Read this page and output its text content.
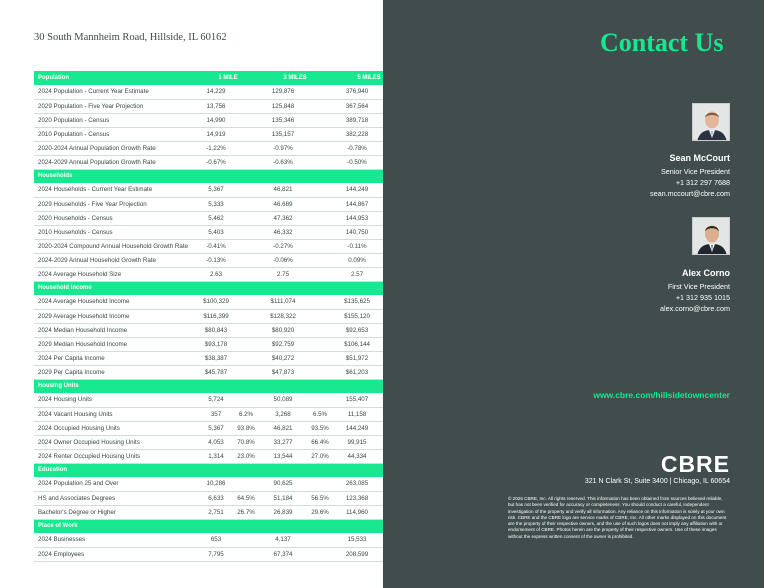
30 South Mannheim Road, Hillside, IL 60162
Population	1 MILE		3 MILES		5 MILES	
2024 Population - Current Year Estimate	14,229		129,876		376,940			
2029 Population - Five Year Projection	13,756		125,848		367,564			
2020 Population - Census	14,990		135,346		389,718			
2010 Population - Census	14,919		135,157		382,228			
2020-2024 Annual Population Growth Rate	-1.22%		-0.97%		-0.78%			
2024-2029 Annual Population Growth Rate	-0.67%		-0.63%		-0.50%			
Households								
2024 Households - Current Year Estimate	5,367		46,821		144,249			
2029 Households - Five Year Projection	5,333		46,689		144,867			
2020 Households - Census	5,462		47,362		144,953			
2010 Households - Census	5,403		46,332		140,750			
2020-2024 Compound Annual Household Growth Rate	-0.41%		-0.27%		-0.11%			
2024-2029 Annual Household Growth Rate	-0.13%		-0.06%		0.09%			
2024 Average Household Size	2.63		2.75		2.57			
Household Income								
2024 Average Household Income	$100,329		$111,074		$135,625			
2029 Average Household Income	$116,399		$128,322		$155,120			
2024 Median Household Income	$80,843		$80,920		$92,653			
2029 Median Household Income	$93,178		$92,759		$106,144			
2024 Per Capita Income	$38,387		$40,272		$51,972			
2029 Per Capita Income	$45,787		$47,873		$61,203			
Housing Units								
2024 Housing Units	5,724		50,089		155,407			
2024 Vacant Housing Units	357	6.2%	3,268	6.5%	11,158			
2024 Occupied Housing Units	5,367	93.8%	46,821	93.5%	144,249			
2024 Owner Occupied Housing Units	4,053	70.8%	33,277	66.4%	99,915			
2024 Renter Occupied Housing Units	1,314	23.0%	13,544	27.0%	44,334			
Education								
2024 Population 25 and Over	10,286		90,625		263,085			
HS and Associates Degrees	6,633	64.5%	51,184	56.5%	123,368			
Bachelor's Degree or Higher	2,751	26.7%	26,839	29.6%	114,960			
Place of Work								
2024 Businesses	653		4,137		15,533			
2024 Employees	7,795		67,374		208,599			
Contact Us
Sean McCourt
Senior Vice President
+1 312 297 7688
sean.mccourt@cbre.com
Alex Corno
First Vice President
+1 312 935 1015
alex.corno@cbre.com
www.cbre.com/hillsidetowncenter
CBRE
321 N Clark St, Suite 3400 | Chicago, IL 60654
© 2025 CBRE, Inc. All rights reserved. This information has been obtained from sources believed reliable, but has not been verified for accuracy or completeness. You should conduct a careful, independent investigation of the property and verify all information. Any reliance on this information is solely at your own risk. CBRE and the CBRE logo are service marks of CBRE, Inc. All other marks displayed on this document are the property of their respective owners, and the use of such logos does not imply any affiliation with or endorsement of CBRE. Photos herein are the property of their respective owners. Use of these images without the express written consent of the owner is prohibited.
